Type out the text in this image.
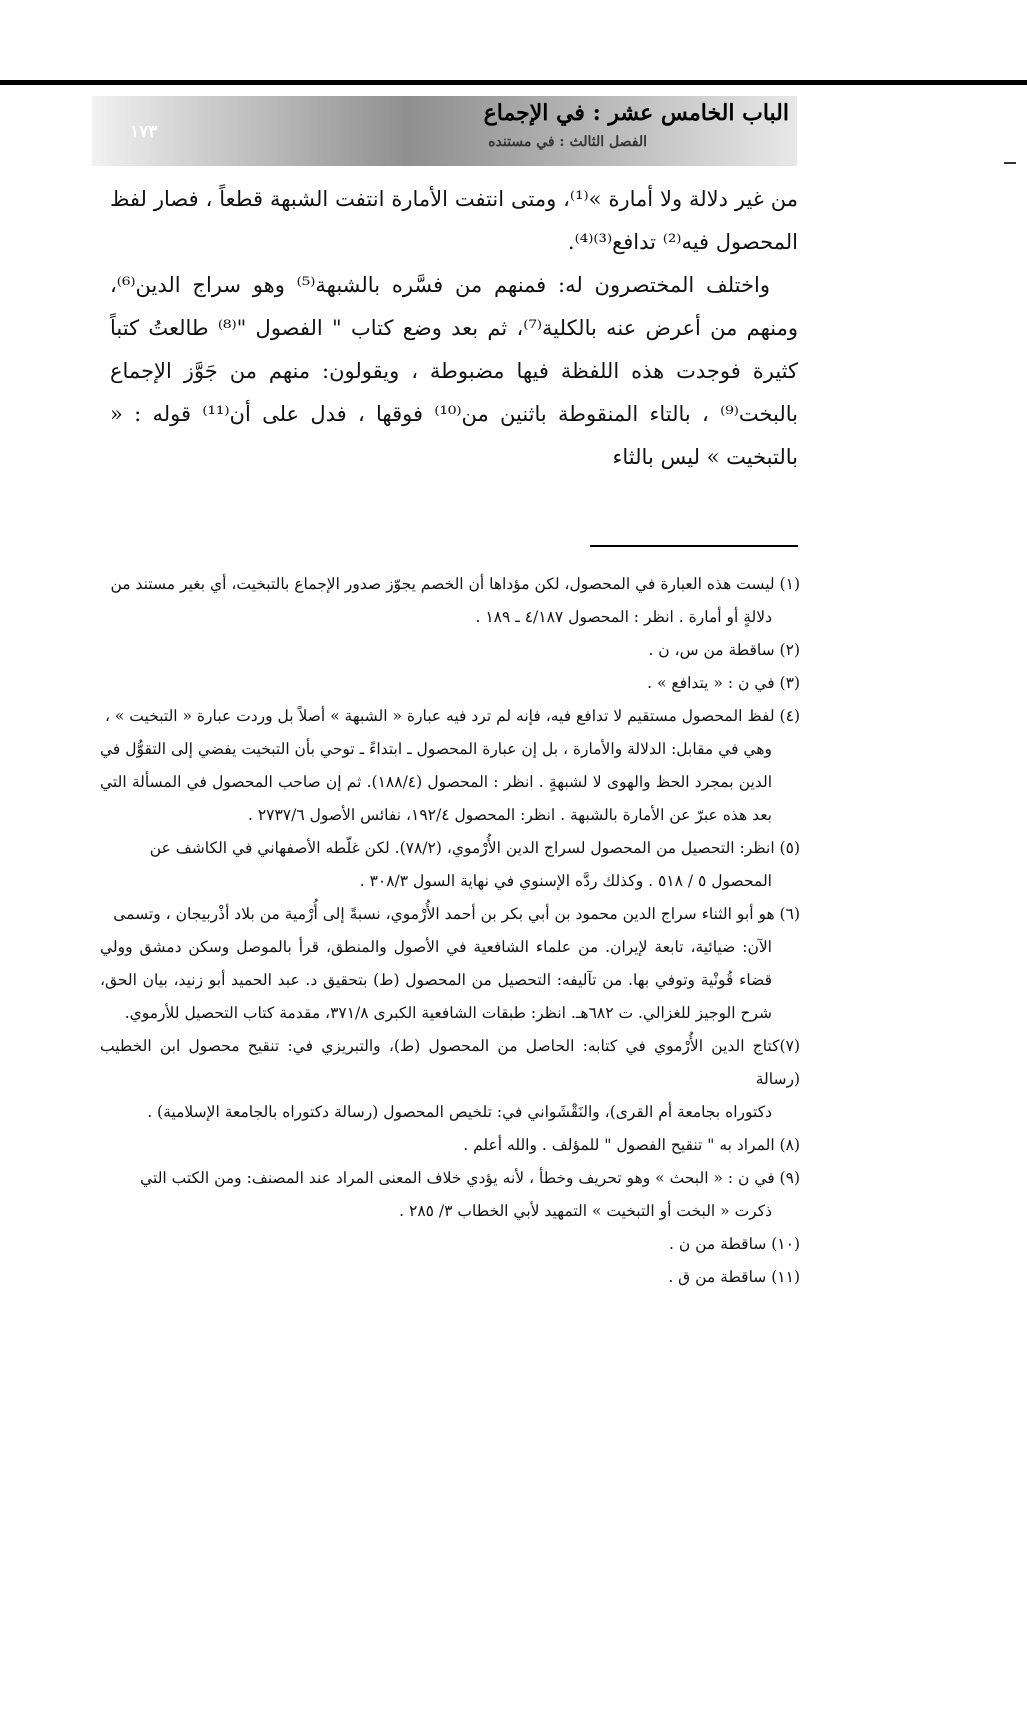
الباب الخامس عشر : في الإجماع
الفصل الثالث : في مستنده
١٧٣

من غير دلالة ولا أمارة »⁽¹⁾، ومتى انتفت الأمارة انتفت الشبهة قطعاً ، فصار لفظ المحصول فيه⁽²⁾ تدافع⁽³⁾⁽⁴⁾.

واختلف المختصرون له: فمنهم من فسَّره بالشبهة⁽⁵⁾ وهو سراج الدين⁽⁶⁾، ومنهم من أعرض عنه بالكلية⁽⁷⁾، ثم بعد وضع كتاب " الفصول "⁽⁸⁾ طالعتُ كتباً كثيرة فوجدت هذه اللفظة فيها مضبوطة ، ويقولون: منهم من جَوَّز الإجماع بالبخت⁽⁹⁾ ، بالتاء المنقوطة باثنين من⁽¹⁰⁾ فوقها ، فدل على أن⁽¹¹⁾ قوله : « بالتبخيت » ليس بالثاء

(١) ليست هذه العبارة في المحصول، لكن مؤداها أن الخصم يجوّز صدور الإجماع بالتبخيت، أي بغير مستند من
دلالةٍ أو أمارة . انظر : المحصول ٤/١٨٧ ـ ١٨٩ .
(٢) ساقطة من س، ن .
(٣) في ن : « يتدافع » .
(٤) لفظ المحصول مستقيم لا تدافع فيه، فإنه لم ترد فيه عبارة « الشبهة » أصلاً بل وردت عبارة « التبخيت » ،
وهي في مقابل: الدلالة والأمارة ، بل إن عبارة المحصول ـ ابتداءً ـ توحي بأن التبخيت يفضي إلى التقوُّل في الدين بمجرد الحظ والهوى لا لشبهةٍ . انظر : المحصول (١٨٨/٤). ثم إن صاحب المحصول في المسألة التي بعد هذه عبرّ عن الأمارة بالشبهة . انظر: المحصول ١٩٢/٤، نفائس الأصول ٢٧٣٧/٦ .
(٥) انظر: التحصيل من المحصول لسراج الدين الأُرْموي، (٧٨/٢). لكن غلّطه الأصفهاني في الكاشف عن
المحصول ٥ / ٥١٨ . وكذلك ردَّه الإسنوي في نهاية السول ٣٠٨/٣ .
(٦) هو أبو الثناء سراج الدين محمود بن أبي بكر بن أحمد الأُرْموي، نسبةً إلى أُرْمية من بلاد أذْربيجان ، وتسمى
الآن: ضيائية، تابعة لإيران. من علماء الشافعية في الأصول والمنطق، قرأ بالموصل وسكن دمشق وولي قضاء قُونْية وتوفي بها. من تآليفه: التحصيل من المحصول (ط) بتحقيق د. عبد الحميد أبو زنيد، بيان الحق، شرح الوجيز للغزالي. ت ٦٨٢هـ. انظر: طبقات الشافعية الكبرى ٣٧١/٨، مقدمة كتاب التحصيل للأرموي.
(٧)كتاج الدين الأُرْموي في كتابه: الحاصل من المحصول (ط)، والتبريزي في: تنقيح محصول ابن الخطيب (رسالة
دكتوراه بجامعة أم القرى)، والنَقْشَواني في: تلخيص المحصول (رسالة دكتوراه بالجامعة الإسلامية) .
(٨) المراد به " تنقيح الفصول " للمؤلف . والله أعلم .
(٩) في ن : « البحث » وهو تحريف وخطأ ، لأنه يؤدي خلاف المعنى المراد عند المصنف: ومن الكتب التي
ذكرت « البخت أو التبخيت » التمهيد لأبي الخطاب ٣/ ٢٨٥ .
(١٠) ساقطة من ن .
(١١) ساقطة من ق .
